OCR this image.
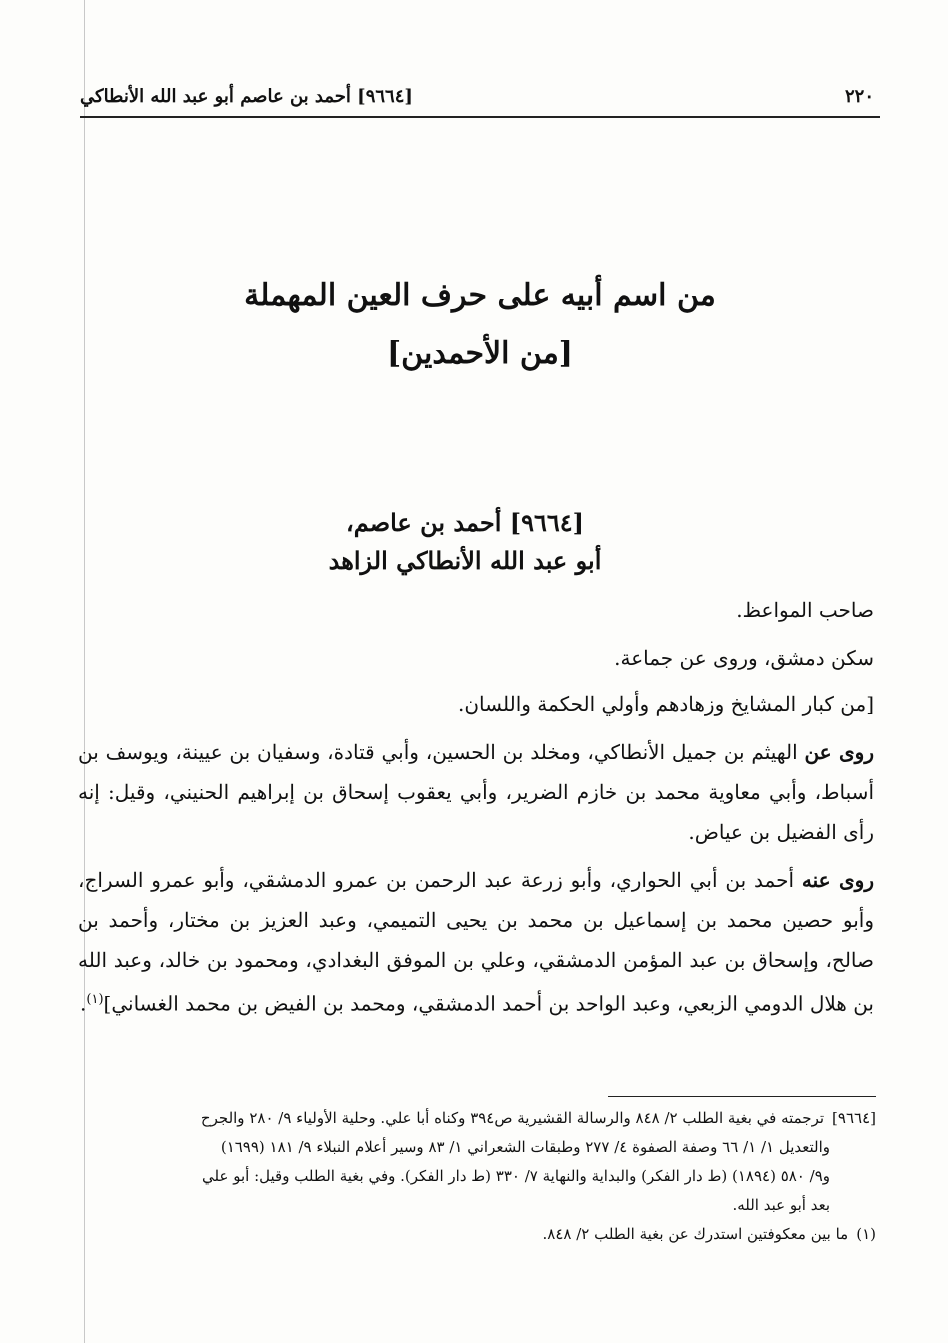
٢٢٠
[٩٦٦٤] أحمد بن عاصم أبو عبد الله الأنطاكي
من اسم أبيه على حرف العين المهملة
[من الأحمدين]
[٩٦٦٤] أحمد بن عاصم،
أبو عبد الله الأنطاكي الزاهد
صاحب المواعظ.
سكن دمشق، وروى عن جماعة.
[من كبار المشايخ وزهادهم وأولي الحكمة واللسان.
روى عن الهيثم بن جميل الأنطاكي، ومخلد بن الحسين، وأبي قتادة، وسفيان بن عيينة، ويوسف بن أسباط، وأبي معاوية محمد بن خازم الضرير، وأبي يعقوب إسحاق بن إبراهيم الحنيني، وقيل: إنه رأى الفضيل بن عياض.
روى عنه أحمد بن أبي الحواري، وأبو زرعة عبد الرحمن بن عمرو الدمشقي، وأبو عمرو السراج، وأبو حصين محمد بن إسماعيل بن محمد بن يحيى التميمي، وعبد العزيز بن مختار، وأحمد بن صالح، وإسحاق بن عبد المؤمن الدمشقي، وعلي بن الموفق البغدادي، ومحمود بن خالد، وعبد الله بن هلال الدومي الزبعي، وعبد الواحد بن أحمد الدمشقي، ومحمد بن الفيض بن محمد الغساني]$^{(١)}$.
[٩٦٦٤]ترجمته في بغية الطلب ٢/ ٨٤٨ والرسالة القشيرية ص٣٩٤ وكناه أبا علي. وحلية الأولياء ٩/ ٢٨٠ والجرح
والتعديل ١/ ١/ ٦٦ وصفة الصفوة ٤/ ٢٧٧ وطبقات الشعراني ١/ ٨٣ وسير أعلام النبلاء ٩/ ١٨١ (١٦٩٩)
و٩/ ٥٨٠ (١٨٩٤) (ط دار الفكر) والبداية والنهاية ٧/ ٣٣٠ (ط دار الفكر). وفي بغية الطلب وقيل: أبو علي
بعد أبو عبد الله.
(١)ما بين معكوفتين استدرك عن بغية الطلب ٢/ ٨٤٨.
